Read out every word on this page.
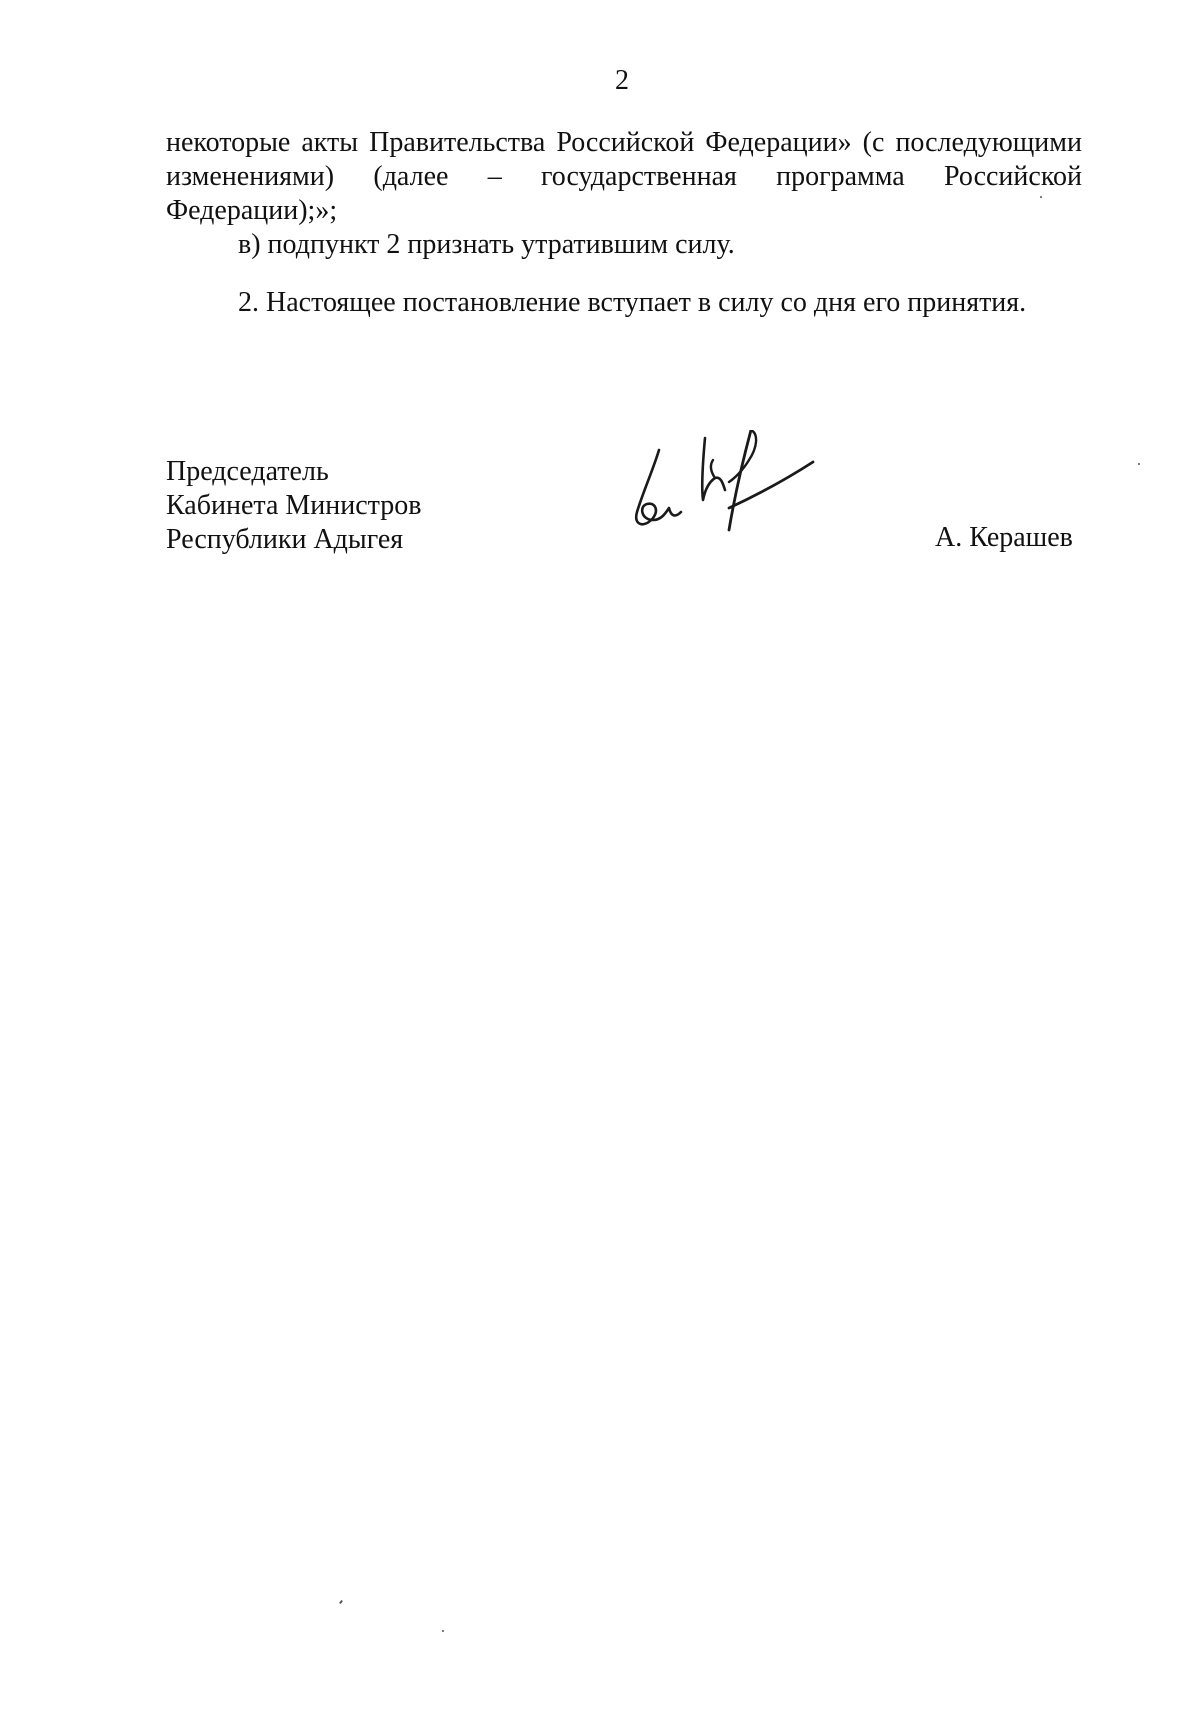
2
некоторые акты Правительства Российской Федерации» (с последующими
изменениями) (далее – государственная программа Российской

Федерации);»;

в) подпункт 2 признать утратившим силу.

2. Настоящее постановление вступает в силу со дня его принятия.

Председатель
Кабинета Министров
Республики Адыгея	А. Керашев
